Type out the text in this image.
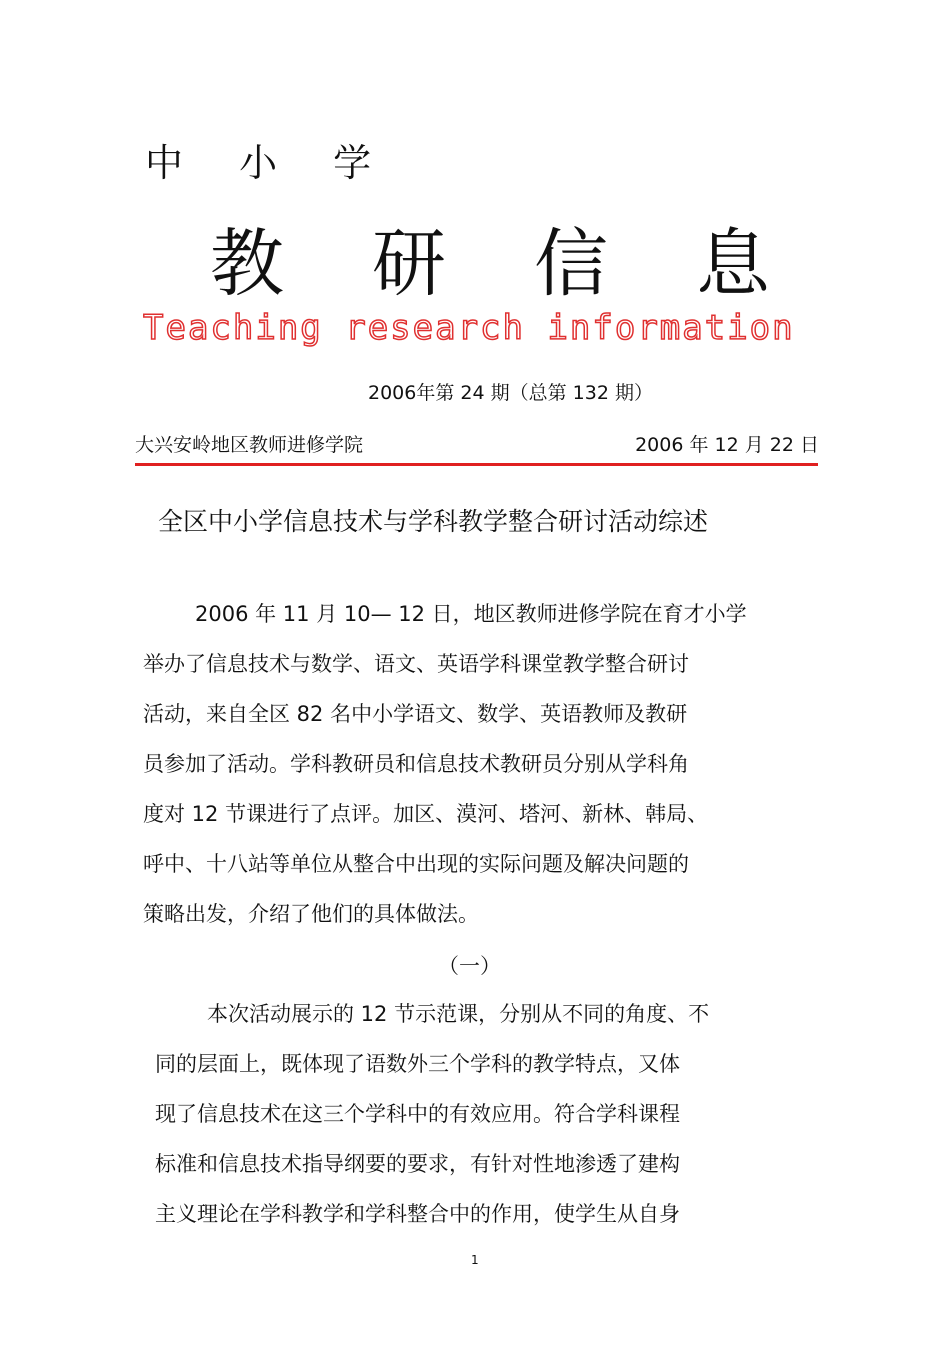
中 小 学
教研信息
Teaching research information
2006年第 24 期（总第 132 期）
大兴安岭地区教师进修学院	2006 年 12 月 22 日
全区中小学信息技术与学科教学整合研讨活动综述
2006 年 11 月 10— 12 日，地区教师进修学院在育才小学
举办了信息技术与数学、语文、英语学科课堂教学整合研讨
活动，来自全区 82 名中小学语文、数学、英语教师及教研
员参加了活动。学科教研员和信息技术教研员分别从学科角
度对 12 节课进行了点评。加区、漠河、塔河、新林、韩局、
呼中、十八站等单位从整合中出现的实际问题及解决问题的
策略出发，介绍了他们的具体做法。
（一）
本次活动展示的 12 节示范课，分别从不同的角度、不
同的层面上，既体现了语数外三个学科的教学特点，又体
现了信息技术在这三个学科中的有效应用。符合学科课程
标准和信息技术指导纲要的要求，有针对性地渗透了建构
主义理论在学科教学和学科整合中的作用，使学生从自身
1
